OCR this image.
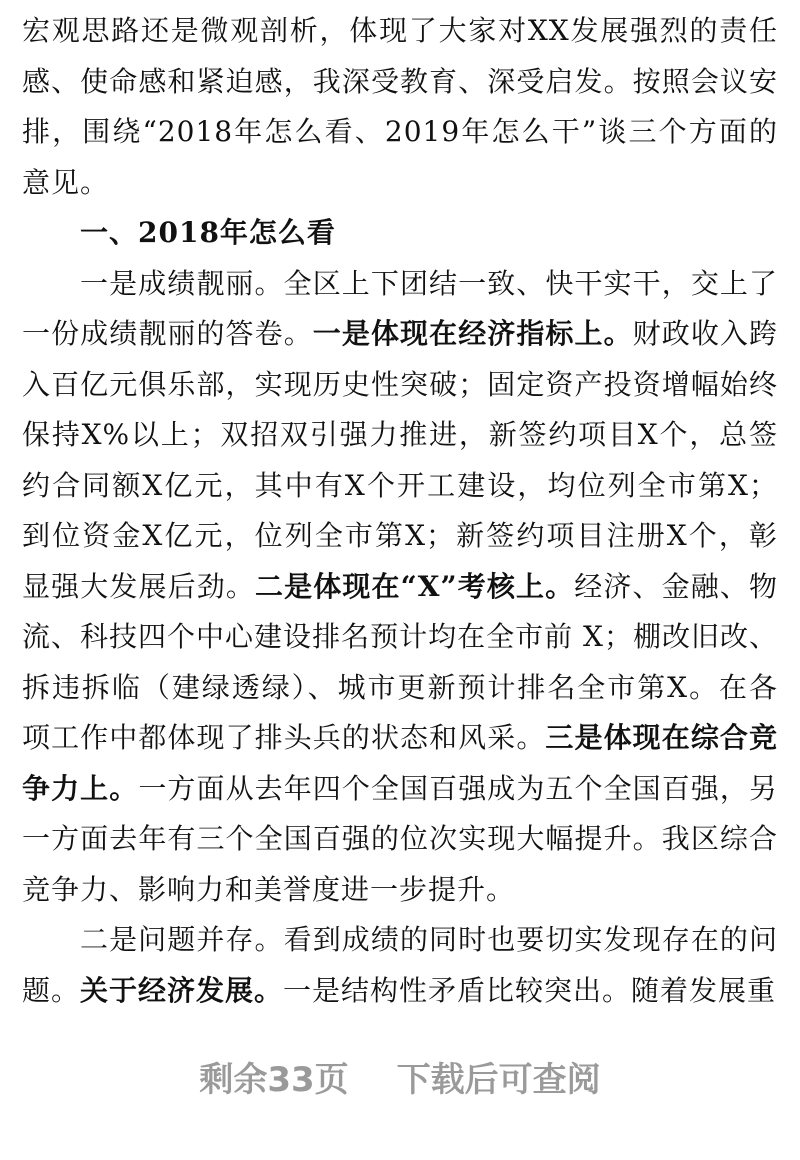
宏观思路还是微观剖析，体现了大家对XX发展强烈的责任感、使命感和紧迫感，我深受教育、深受启发。按照会议安排，围绕“2018年怎么看、2019年怎么干”谈三个方面的意见。

一、2018年怎么看

一是成绩靓丽。全区上下团结一致、快干实干，交上了一份成绩靓丽的答卷。一是体现在经济指标上。财政收入跨入百亿元俱乐部，实现历史性突破；固定资产投资增幅始终保持X%以上；双招双引强力推进，新签约项目X个，总签约合同额X亿元，其中有X个开工建设，均位列全市第X；到位资金X亿元，位列全市第X；新签约项目注册X个，彰显强大发展后劲。二是体现在“X”考核上。经济、金融、物流、科技四个中心建设排名预计均在全市前 X；棚改旧改、拆违拆临（建绿透绿）、城市更新预计排名全市第X。在各项工作中都体现了排头兵的状态和风采。三是体现在综合竞争力上。一方面从去年四个全国百强成为五个全国百强，另一方面去年有三个全国百强的位次实现大幅提升。我区综合竞争力、影响力和美誉度进一步提升。

二是问题并存。看到成绩的同时也要切实发现存在的问题。关于经济发展。一是结构性矛盾比较突出。随着发展重

剩余33页 下载后可查阅
